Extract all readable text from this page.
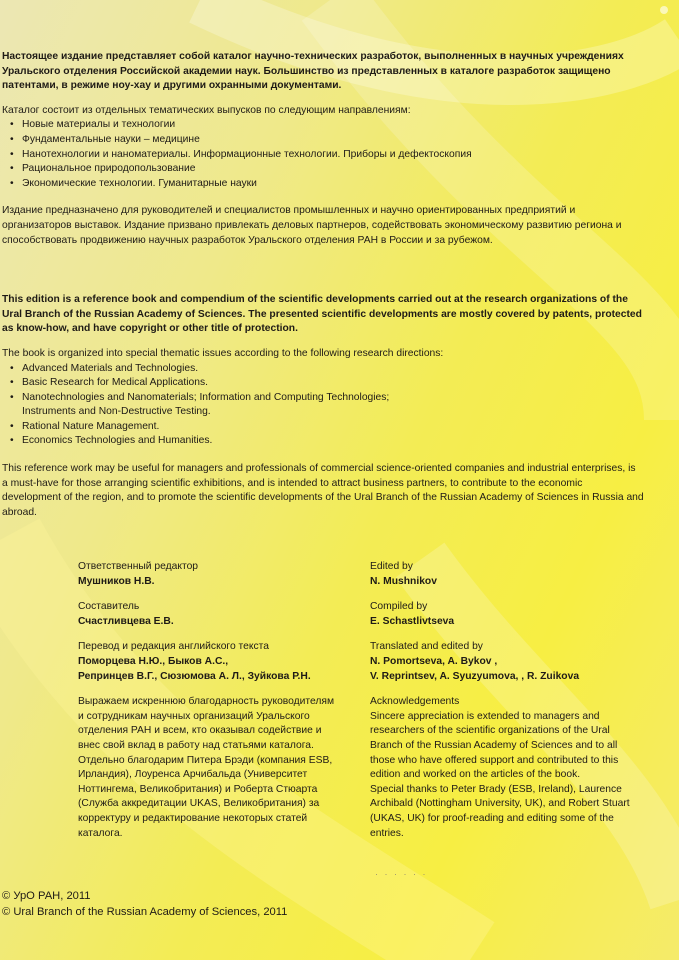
Настоящее издание представляет собой каталог научно-технических разработок, выполненных в научных учреждениях Уральского отделения Российской академии наук. Большинство из представленных в каталоге разработок защищено патентами, в режиме ноу-хау и другими охранными документами.

Каталог состоит из отдельных тематических выпусков по следующим направлениям:

• Новые материалы и технологии
• Фундаментальные науки – медицине
• Нанотехнологии и наноматериалы. Информационные технологии. Приборы и дефектоскопия
• Рациональное природопользование
• Экономические технологии. Гуманитарные науки

Издание предназначено для руководителей и специалистов промышленных и научно ориентированных предприятий и организаторов выставок. Издание призвано привлекать деловых партнеров, содействовать экономическому развитию региона и способствовать продвижению научных разработок Уральского отделения РАН в России и за рубежом.

This edition is a reference book and compendium of the scientific developments carried out at the research organizations of the Ural Branch of the Russian Academy of Sciences. The presented scientific developments are mostly covered by patents, protected as know-how, and have copyright or other title of protection.

The book is organized into special thematic issues according to the following research directions:

• Advanced Materials and Technologies.
• Basic Research for Medical Applications.
• Nanotechnologies and Nanomaterials; Information and Computing Technologies; Instruments and Non-Destructive Testing.
• Rational Nature Management.
• Economics Technologies and Humanities.

This reference work may be useful for managers and professionals of commercial science-oriented companies and industrial enterprises, is a must-have for those arranging scientific exhibitions, and is intended to attract business partners, to contribute to the economic development of the region, and to promote the scientific developments of the Ural Branch of the Russian Academy of Sciences in Russia and abroad.

Ответственный редактор

Мушников Н.В.

Составитель

Счастливцева Е.В.

Перевод и редакция английского текста

Поморцева Н.Ю., Быков А.С.,

Репринцев В.Г., Сюзюмова А. Л., Зуйкова Р.Н.

Выражаем искреннюю благодарность руководителям и сотрудникам научных организаций Уральского отделения РАН и всем, кто оказывал содействие и внес свой вклад в работу над статьями каталога.

Отдельно благодарим Питера Брэди (компания ESB, Ирландия), Лоуренса Арчибальда (Университет Ноттингема, Великобритания) и Роберта Стюарта (Служба аккредитации UKAS, Великобритания) за корректуру и редактирование некоторых статей каталога.

Edited by

N. Mushnikov

Compiled by

E. Schastlivtseva

Translated and edited by

N. Pomortseva, A. Bykov ,

V. Reprintsev, A. Syuzyumova, , R. Zuikova

Acknowledgements

Sincere appreciation is extended to managers and researchers of the scientific organizations of the Ural Branch of the Russian Academy of Sciences and to all those who have offered support and contributed to this edition and worked on the articles of the book.

Special thanks to Peter Brady (ESB, Ireland), Laurence Archibald (Nottingham University, UK), and Robert Stuart (UKAS, UK) for proof-reading and editing some of the entries.

· · · · · ·

© УрО РАН, 2011

© Ural Branch of the Russian Academy of Sciences, 2011
